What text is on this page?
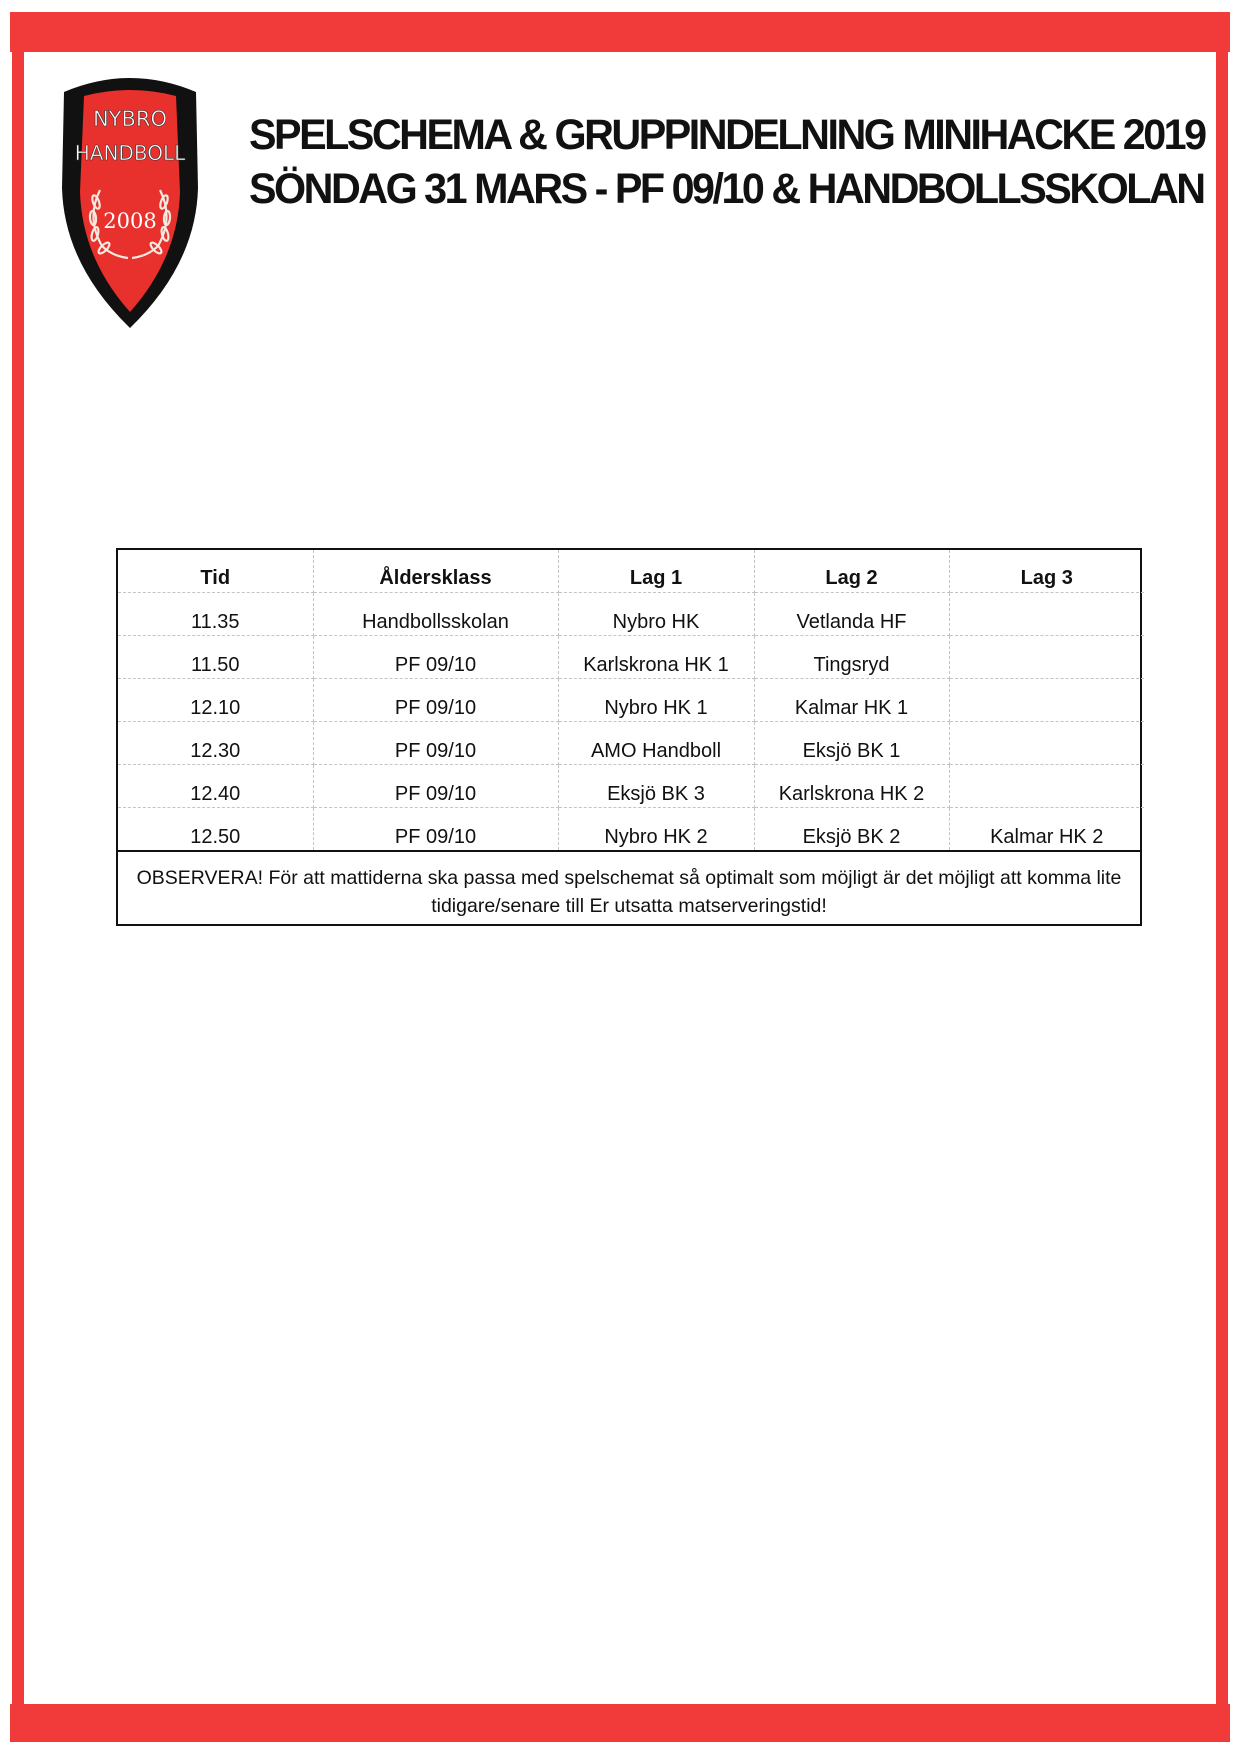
NYBRO
HANDBOLL
2008
SPELSCHEMA & GRUPPINDELNING MINIHACKE 2019
SÖNDAG 31 MARS - PF 09/10 & HANDBOLLSSKOLAN
Tid	Åldersklass	Lag 1	Lag 2	Lag 3
11.35	Handbollsskolan	Nybro HK	Vetlanda HF	
11.50	PF 09/10	Karlskrona HK 1	Tingsryd	
12.10	PF 09/10	Nybro HK 1	Kalmar HK 1	
12.30	PF 09/10	AMO Handboll	Eksjö BK 1	
12.40	PF 09/10	Eksjö BK 3	Karlskrona HK 2	
12.50	PF 09/10	Nybro HK 2	Eksjö BK 2	Kalmar HK 2
OBSERVERA! För att mattiderna ska passa med spelschemat så optimalt som möjligt är det möjligt att komma lite tidigare/senare till Er utsatta matserveringstid!
